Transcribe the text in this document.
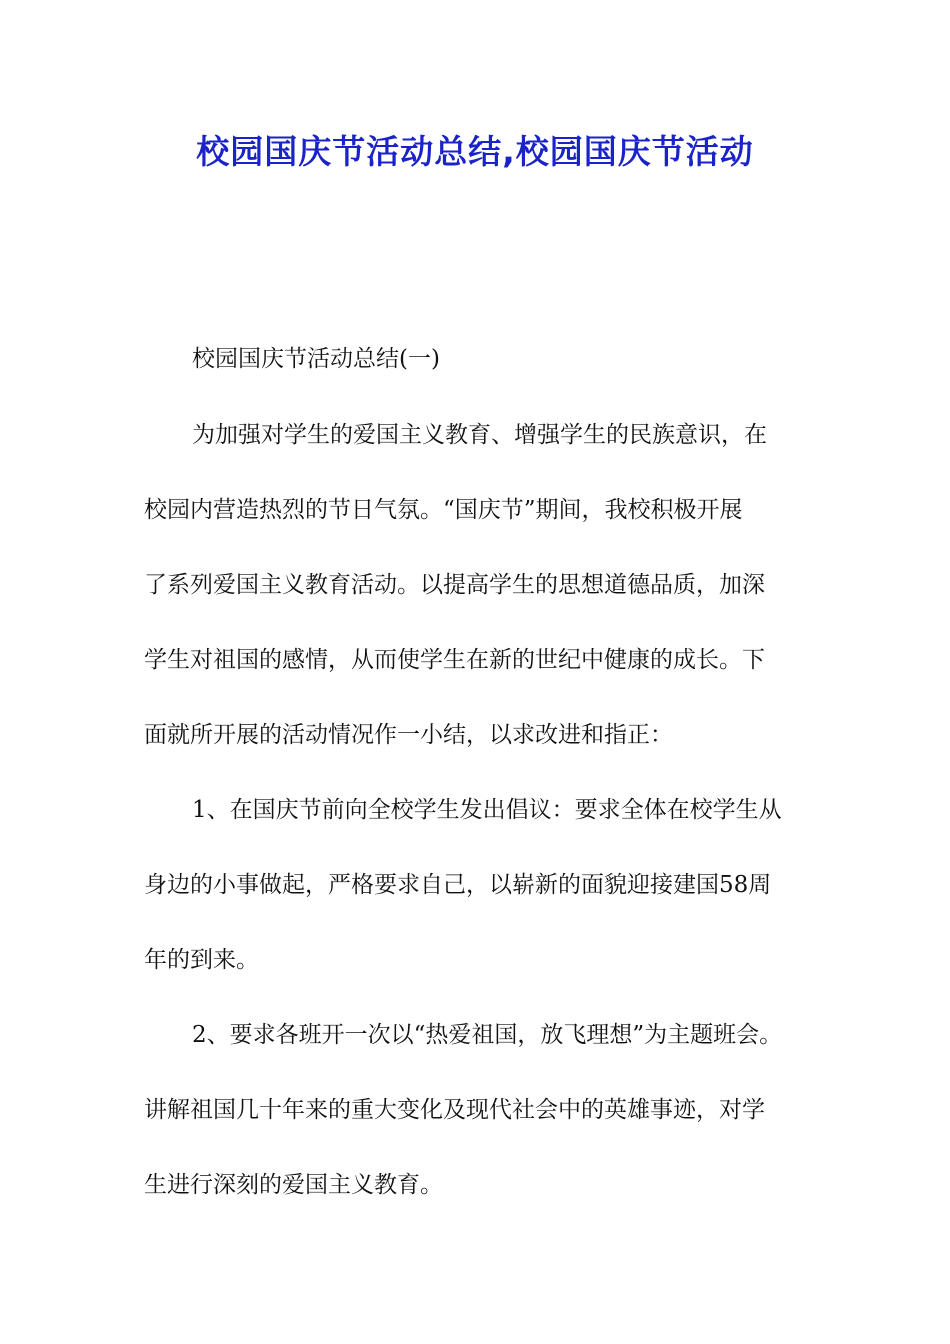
校园国庆节活动总结,校园国庆节活动
校园国庆节活动总结(一)
为加强对学生的爱国主义教育、增强学生的民族意识，在
校园内营造热烈的节日气氛。“国庆节”期间，我校积极开展
了系列爱国主义教育活动。以提高学生的思想道德品质，加深
学生对祖国的感情，从而使学生在新的世纪中健康的成长。下
面就所开展的活动情况作一小结，以求改进和指正：
1、在国庆节前向全校学生发出倡议：要求全体在校学生从
身边的小事做起，严格要求自己，以崭新的面貌迎接建国58周
年的到来。
2、要求各班开一次以“热爱祖国，放飞理想”为主题班会。
讲解祖国几十年来的重大变化及现代社会中的英雄事迹，对学
生进行深刻的爱国主义教育。
